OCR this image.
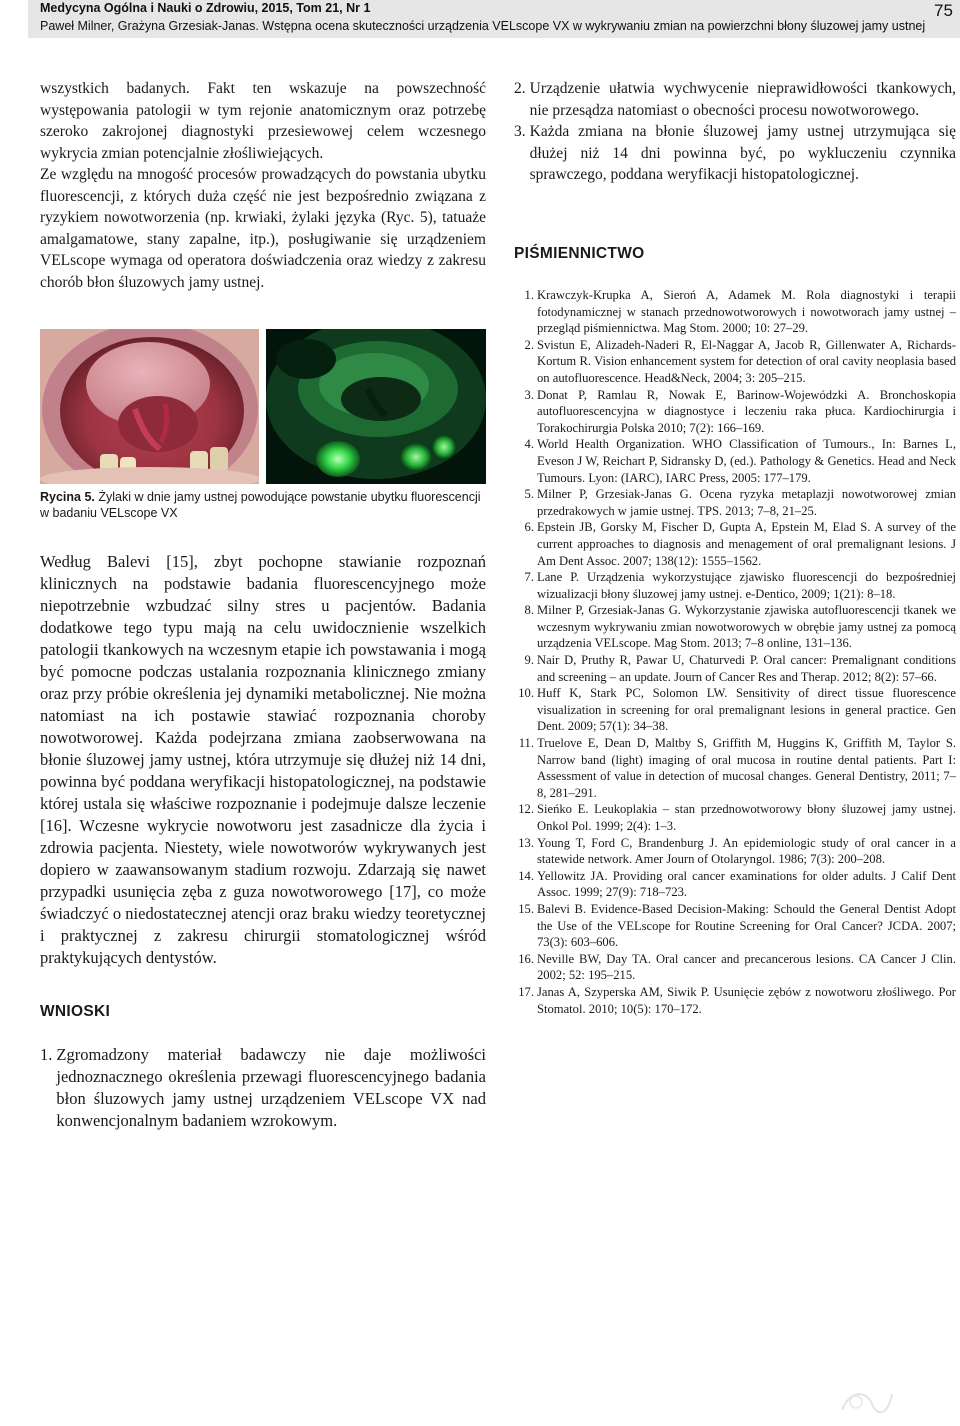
Medycyna Ogólna i Nauki o Zdrowiu, 2015, Tom 21, Nr 1
Paweł Milner, Grażyna Grzesiak-Janas. Wstępna ocena skuteczności urządzenia VELscope VX w wykrywaniu zmian na powierzchni błony śluzowej jamy ustnej
75

wszystkich badanych. Fakt ten wskazuje na powszechność występowania patologii w tym rejonie anatomicznym oraz potrzebę szeroko zakrojonej diagnostyki przesiewowej celem wczesnego wykrycia zmian potencjalnie złośliwiejących.

Ze względu na mnogość procesów prowadzących do powstania ubytku fluorescencji, z których duża część nie jest bezpośrednio związana z ryzykiem nowotworzenia (np. krwiaki, żylaki języka (Ryc. 5), tatuaże amalgamatowe, stany zapalne, itp.), posługiwanie się urządzeniem VELscope wymaga od operatora doświadczenia oraz wiedzy z zakresu chorób błon śluzowych jamy ustnej.

Rycina 5. Żylaki w dnie jamy ustnej powodujące powstanie ubytku fluorescencji w badaniu VELscope VX

Według Balevi [15], zbyt pochopne stawianie rozpoznań klinicznych na podstawie badania fluorescencyjnego może niepotrzebnie wzbudzać silny stres u pacjentów. Badania dodatkowe tego typu mają na celu uwidocznienie wszelkich patologii tkankowych na wczesnym etapie ich powstawania i mogą być pomocne podczas ustalania rozpoznania klinicznego zmiany oraz przy próbie określenia jej dynamiki metabolicznej. Nie można natomiast na ich postawie stawiać rozpoznania choroby nowotworowej. Każda podejrzana zmiana zaobserwowana na błonie śluzowej jamy ustnej, która utrzymuje się dłużej niż 14 dni, powinna być poddana weryfikacji histopatologicznej, na podstawie której ustala się właściwe rozpoznanie i podejmuje dalsze leczenie [16]. Wczesne wykrycie nowotworu jest zasadnicze dla życia i zdrowia pacjenta. Niestety, wiele nowotworów wykrywanych jest dopiero w zaawansowanym stadium rozwoju. Zdarzają się nawet przypadki usunięcia zęba z guza nowotworowego [17], co może świadczyć o niedostatecznej atencji oraz braku wiedzy teoretycznej i praktycznej z zakresu chirurgii stomatologicznej wśród praktykujących dentystów.

WNIOSKI
1. Zgromadzony materiał badawczy nie daje możliwości jednoznacznego określenia przewagi fluorescencyjnego badania błon śluzowych jamy ustnej urządzeniem VELscope VX nad konwencjonalnym badaniem wzrokowym.
2. Urządzenie ułatwia wychwycenie nieprawidłowości tkankowych, nie przesądza natomiast o obecności procesu nowotworowego.
3. Każda zmiana na błonie śluzowej jamy ustnej utrzymująca się dłużej niż 14 dni powinna być, po wykluczeniu czynnika sprawczego, poddana weryfikacji histopatologicznej.
PIŚMIENNICTWO
1. Krawczyk-Krupka A, Sieroń A, Adamek M. Rola diagnostyki i terapii fotodynamicznej w stanach przednowotworowych i nowotworach jamy ustnej – przegląd piśmiennictwa. Mag Stom. 2000; 10: 27–29.
2. Svistun E, Alizadeh-Naderi R, El-Naggar A, Jacob R, Gillenwater A, Richards-Kortum R. Vision enhancement system for detection of oral cavity neoplasia based on autofluorescence. Head&Neck, 2004; 3: 205–215.
3. Donat P, Ramlau R, Nowak E, Barinow-Wojewódzki A. Bronchoskopia autofluorescencyjna w diagnostyce i leczeniu raka płuca. Kardiochirurgia i Torakochirurgia Polska 2010; 7(2): 166–169.
4. World Health Organization. WHO Classification of Tumours., In: Barnes L, Eveson J W, Reichart P, Sidransky D, (ed.). Pathology & Genetics. Head and Neck Tumours. Lyon: (IARC), IARC Press, 2005: 177–179.
5. Milner P, Grzesiak-Janas G. Ocena ryzyka metaplazji nowotworowej zmian przedrakowych w jamie ustnej. TPS. 2013; 7–8, 21–25.
6. Epstein JB, Gorsky M, Fischer D, Gupta A, Epstein M, Elad S. A survey of the current approaches to diagnosis and menagement of oral premalignant lesions. J Am Dent Assoc. 2007; 138(12): 1555–1562.
7. Lane P. Urządzenia wykorzystujące zjawisko fluorescencji do bezpośredniej wizualizacji błony śluzowej jamy ustnej. e-Dentico, 2009; 1(21): 8–18.
8. Milner P, Grzesiak-Janas G. Wykorzystanie zjawiska autofluorescencji tkanek we wczesnym wykrywaniu zmian nowotworowych w obrębie jamy ustnej za pomocą urządzenia VELscope. Mag Stom. 2013; 7–8 online, 131–136.
9. Nair D, Pruthy R, Pawar U, Chaturvedi P. Oral cancer: Premalignant conditions and screening – an update. Journ of Cancer Res and Therap. 2012; 8(2): 57–66.
10. Huff K, Stark PC, Solomon LW. Sensitivity of direct tissue fluorescence visualization in screening for oral premalignant lesions in general practice. Gen Dent. 2009; 57(1): 34–38.
11. Truelove E, Dean D, Maltby S, Griffith M, Huggins K, Griffith M, Taylor S. Narrow band (light) imaging of oral mucosa in routine dental patients. Part I: Assessment of value in detection of mucosal changes. General Dentistry, 2011; 7–8, 281–291.
12. Sieńko E. Leukoplakia – stan przednowotworowy błony śluzowej jamy ustnej. Onkol Pol. 1999; 2(4): 1–3.
13. Young T, Ford C, Brandenburg J. An epidemiologic study of oral cancer in a statewide network. Amer Journ of Otolaryngol. 1986; 7(3): 200–208.
14. Yellowitz JA. Providing oral cancer examinations for older adults. J Calif Dent Assoc. 1999; 27(9): 718–723.
15. Balevi B. Evidence-Based Decision-Making: Schould the General Dentist Adopt the Use of the VELscope for Routine Screening for Oral Cancer? JCDA. 2007; 73(3): 603–606.
16. Neville BW, Day TA. Oral cancer and precancerous lesions. CA Cancer J Clin. 2002; 52: 195–215.
17. Janas A, Szyperska AM, Siwik P. Usunięcie zębów z nowotworu złośliwego. Por Stomatol. 2010; 10(5): 170–172.
